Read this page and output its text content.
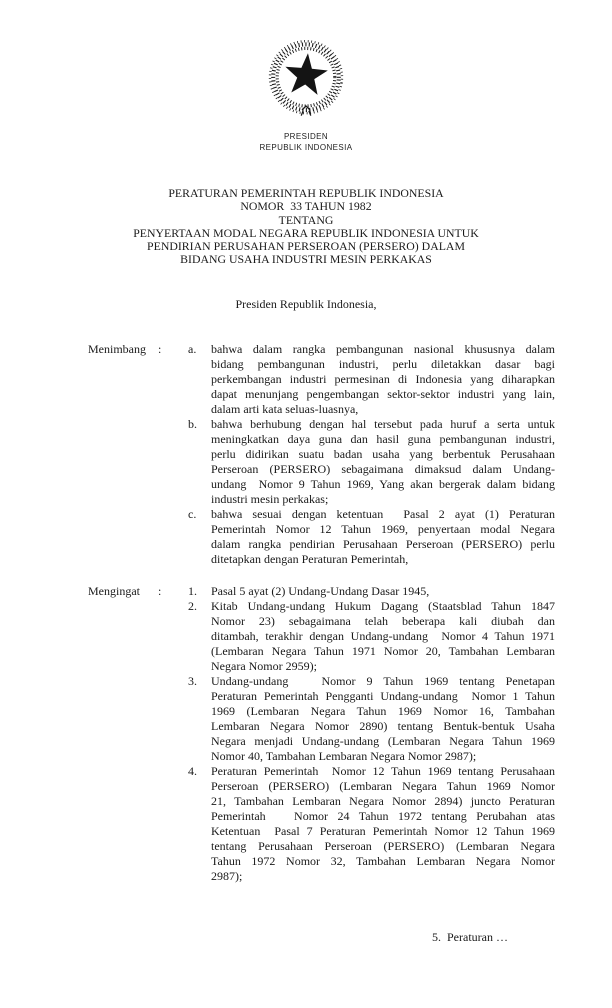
PRESIDEN
REPUBLIK INDONESIA
PERATURAN PEMERINTAH REPUBLIK INDONESIA
NOMOR  33 TAHUN 1982
TENTANG
PENYERTAAN MODAL NEGARA REPUBLIK INDONESIA UNTUK
PENDIRIAN PERUSAHAN PERSEROAN (PERSERO) DALAM
BIDANG USAHA INDUSTRI MESIN PERKAKAS
Presiden Republik Indonesia,
Menimbang	:	a.	bahwa dalam rangka pembangunan nasional khususnya dalam
bidang pembangunan industri, perlu diletakkan dasar bagi
perkembangan industri permesinan di Indonesia yang diharapkan
dapat menunjang pengembangan sektor-sektor industri yang lain,
dalam arti kata seluas-luasnya,
b.	bahwa berhubung dengan hal tersebut pada huruf a serta untuk
meningkatkan daya guna dan hasil guna pembangunan industri,
perlu didirikan suatu badan usaha yang berbentuk Perusahaan
Perseroan (PERSERO) sebagaimana dimaksud dalam Undang-
undang  Nomor 9 Tahun 1969, Yang akan bergerak dalam bidang
industri mesin perkakas;
c.	bahwa sesuai dengan ketentuan  Pasal 2 ayat (1) Peraturan
Pemerintah Nomor 12 Tahun 1969, penyertaan modal Negara
dalam rangka pendirian Perusahaan Perseroan (PERSERO) perlu
ditetapkan dengan Peraturan Pemerintah,
Mengingat	:	1.	Pasal 5 ayat (2) Undang-Undang Dasar 1945,
2.	Kitab Undang-undang Hukum Dagang (Staatsblad Tahun 1847
Nomor 23) sebagaimana telah beberapa kali diubah dan
ditambah, terakhir dengan Undang-undang  Nomor 4 Tahun 1971
(Lembaran Negara Tahun 1971 Nomor 20, Tambahan Lembaran
Negara Nomor 2959);
3.	Undang-undang   Nomor 9 Tahun 1969 tentang Penetapan
Peraturan Pemerintah Pengganti Undang-undang  Nomor 1 Tahun
1969 (Lembaran Negara Tahun 1969 Nomor 16, Tambahan
Lembaran Negara Nomor 2890) tentang Bentuk-bentuk Usaha
Negara menjadi Undang-undang (Lembaran Negara Tahun 1969
Nomor 40, Tambahan Lembaran Negara Nomor 2987);
4.	Peraturan Pemerintah  Nomor 12 Tahun 1969 tentang Perusahaan
Perseroan (PERSERO) (Lembaran Negara Tahun 1969 Nomor
21, Tambahan Lembaran Negara Nomor 2894) juncto Peraturan
Pemerintah   Nomor 24 Tahun 1972 tentang Perubahan atas
Ketentuan  Pasal 7 Peraturan Pemerintah Nomor 12 Tahun 1969
tentang Perusahaan Perseroan (PERSERO) (Lembaran Negara
Tahun 1972 Nomor 32, Tambahan Lembaran Negara Nomor
2987);
5.  Peraturan …
